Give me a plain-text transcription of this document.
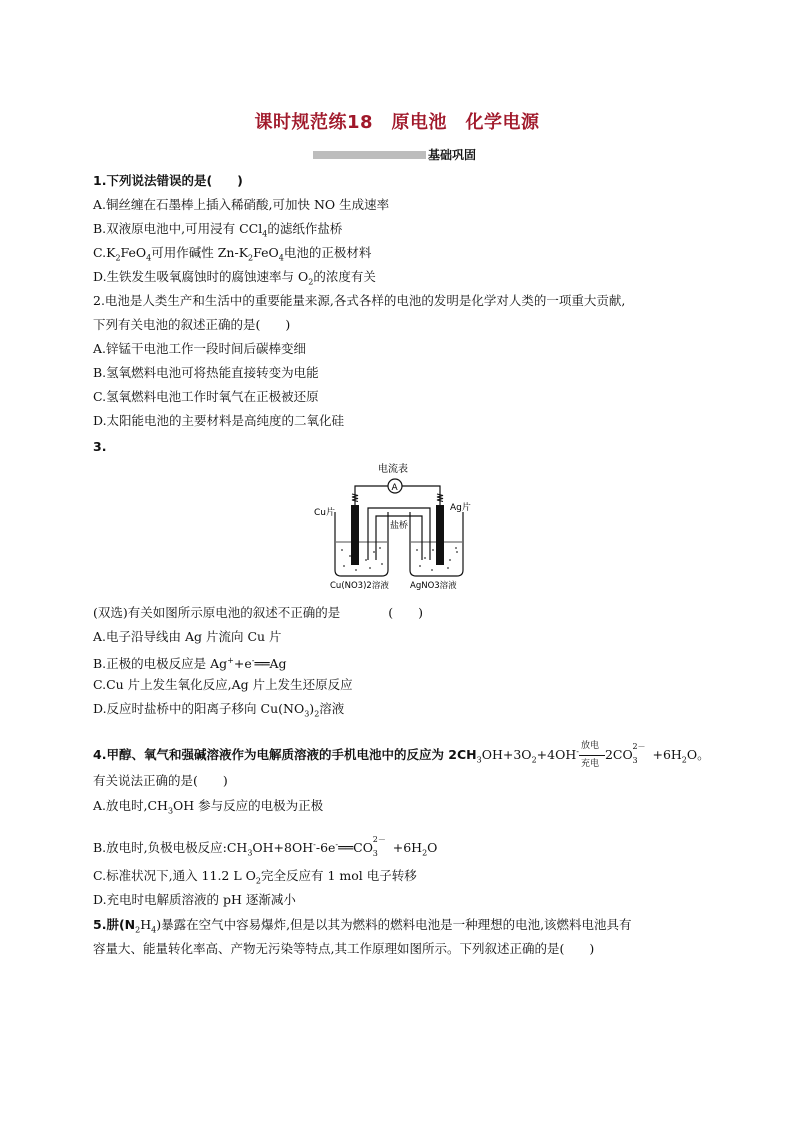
课时规范练18　原电池　化学电源
基础巩固
1.下列说法错误的是(　　)
A.铜丝缠在石墨棒上插入稀硝酸,可加快 NO 生成速率
B.双液原电池中,可用浸有 CCl$_4$的滤纸作盐桥
$C.K_2FeO_4$可用作碱性 $Zn-K_2FeO_4$电池的正极材料
D.生铁发生吸氧腐蚀时的腐蚀速率与 $O_2$的浓度有关
2.电池是人类生产和生活中的重要能量来源,各式各样的电池的发明是化学对人类的一项重大贡献,
下列有关电池的叙述正确的是(　　)
A.锌锰干电池工作一段时间后碳棒变细
B.氢氧燃料电池可将热能直接转变为电能
C.氢氧燃料电池工作时氧气在正极被还原
D.太阳能电池的主要材料是高纯度的二氧化硅
3.
电流表
A
盐桥
Cu片	Ag片
Cu(NO3)2溶液 AgNO3溶液
(双选)有关如图所示原电池的叙述不正确的是	(　　)
A.电子沿导线由 Ag 片流向 Cu 片
B.正极的电极反应是 Ag++e-══Ag
C.Cu 片上发生氧化反应,Ag 片上发生还原反应
D.反应时盐桥中的阳离子移向 $Cu(NO_3)_2$溶液
4.甲醇、氧气和强碱溶液作为电解质溶液的手机电池中的反应为 $2CH_3OH+3O_2+4OH^-$
放电
充电
2CO
2－
$3 +6H_2O$。
有关说法正确的是(　　)
A.放电时$,CH_3OH$ 参与反应的电极为正极
B.放电时,负极电极反应$:CH_3OH+8OH^--6e^-══CO$
2－
$3 +6H_2O$
C.标准状况下,通入 11.2 L $O_2$完全反应有 1 mol 电子转移
D.充电时电解质溶液的 pH 逐渐减小
5.肼$(N_2H_4)$暴露在空气中容易爆炸,但是以其为燃料的燃料电池是一种理想的电池,该燃料电池具有
容量大、能量转化率高、产物无污染等特点,其工作原理如图所示。下列叙述正确的是(　　)
